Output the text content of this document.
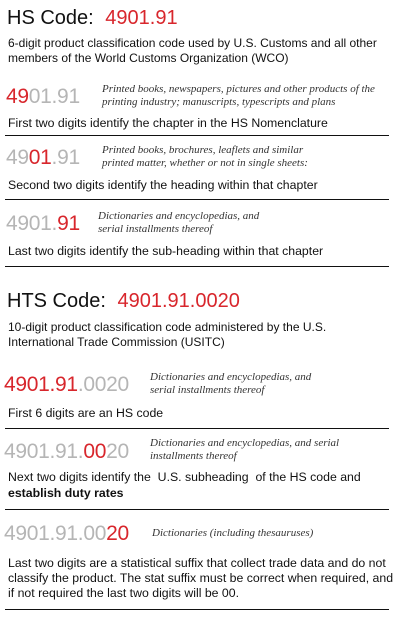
HS Code: 4901.91
6-digit product classification code used by U.S. Customs and all other members of the World Customs Organization (WCO)
4901.91 Printed books, newspapers, pictures and other products of the printing industry; manuscripts, typescripts and plans
First two digits identify the chapter in the HS Nomenclature
4901.91 Printed books, brochures, leaflets and similar printed matter, whether or not in single sheets:
Second two digits identify the heading within that chapter
4901.91 Dictionaries and encyclopedias, and serial installments thereof
Last two digits identify the sub-heading within that chapter
HTS Code: 4901.91.0020
10-digit product classification code administered by the U.S. International Trade Commission (USITC)
4901.91.0020 Dictionaries and encyclopedias, and serial installments thereof
First 6 digits are an HS code
4901.91.0020 Dictionaries and encyclopedias, and serial installments thereof
Next two digits identify the  U.S. subheading  of the HS code and
establish duty rates
4901.91.0020 Dictionaries (including thesauruses)
Last two digits are a statistical suffix that collect trade data and do not classify the product. The stat suffix must be correct when required, and if not required the last two digits will be 00.
